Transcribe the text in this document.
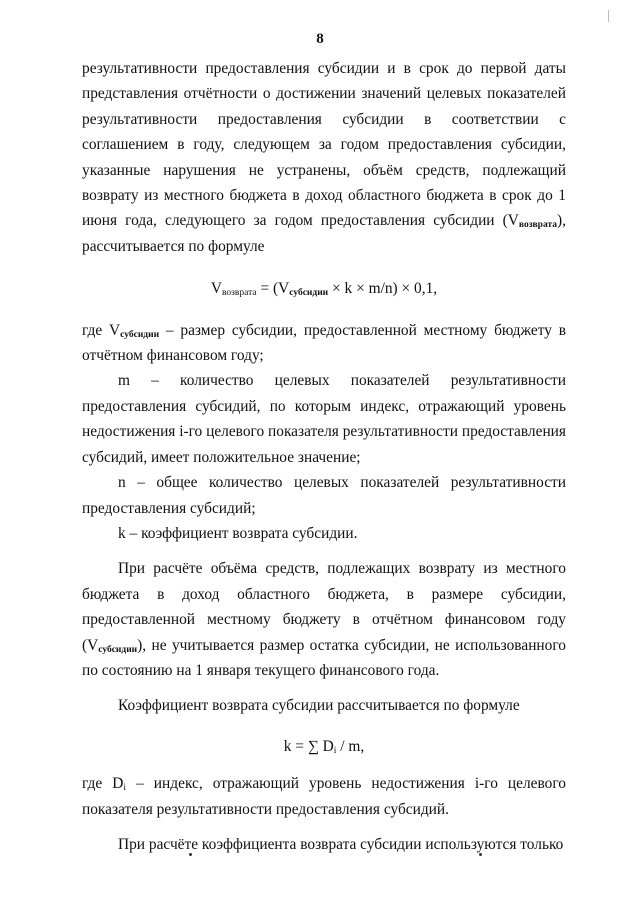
8

результативности предоставления субсидии и в срок до первой даты представления отчётности о достижении значений целевых показателей результативности предоставления субсидии в соответствии с соглашением в году, следующем за годом предоставления субсидии, указанные нарушения не устранены, объём средств, подлежащий возврату из местного бюджета в доход областного бюджета в срок до 1 июня года, следующего за годом предоставления субсидии $(V_{возврата})$, рассчитывается по формуле

$V_{возврата} = (V_{субсидии} \times k \times m/n) \times 0,1$,

где $V_{субсидии}$ – размер субсидии, предоставленной местному бюджету в отчётном финансовом году;

m – количество целевых показателей результативности предоставления субсидий, по которым индекс, отражающий уровень недостижения i-го целевого показателя результативности предоставления субсидий, имеет положительное значение;

n – общее количество целевых показателей результативности предоставления субсидий;

k – коэффициент возврата субсидии.

При расчёте объёма средств, подлежащих возврату из местного бюджета в доход областного бюджета, в размере субсидии, предоставленной местному бюджету в отчётном финансовом году $(V_{субсидии})$, не учитывается размер остатка субсидии, не использованного по состоянию на 1 января текущего финансового года.

Коэффициент возврата субсидии рассчитывается по формуле

k = ∑ $D_i$ / m,

где $D_i$ – индекс, отражающий уровень недостижения i-го целевого показателя результативности предоставления субсидий.

При расчёте коэффициента возврата субсидии используются только
